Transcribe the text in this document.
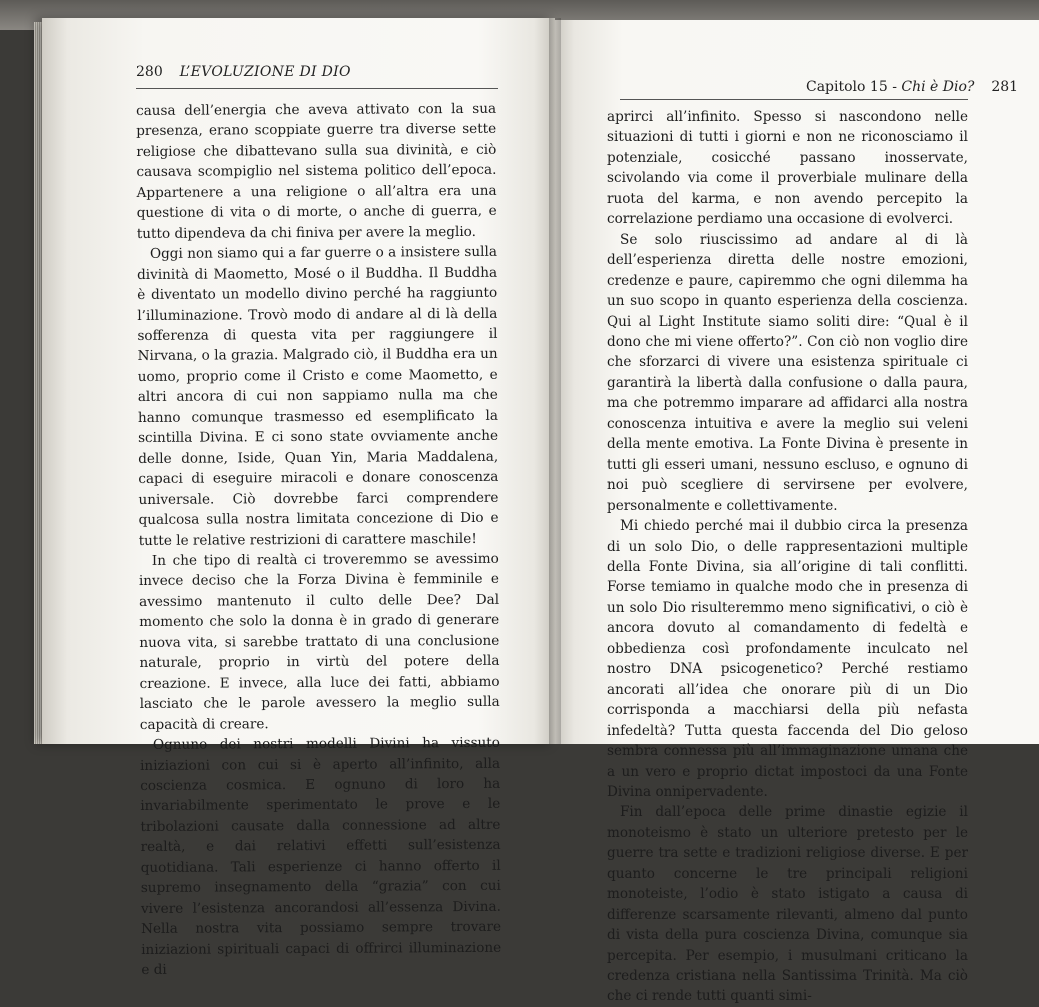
280 L’EVOLUZIONE DI DIO

causa dell’energia che aveva attivato con la sua presenza, erano scoppiate guerre tra diverse sette religiose che dibattevano sulla sua divinità, e ciò causava scompiglio nel sistema politico dell’epoca. Appartenere a una religione o all’altra era una questione di vita o di morte, o anche di guerra, e tutto dipendeva da chi finiva per avere la meglio.

Oggi non siamo qui a far guerre o a insistere sulla divinità di Maometto, Mosé o il Buddha. Il Buddha è diventato un modello divino perché ha raggiunto l’illuminazione. Trovò modo di andare al di là della sofferenza di questa vita per raggiungere il Nirvana, o la grazia. Malgrado ciò, il Buddha era un uomo, proprio come il Cristo e come Maometto, e altri ancora di cui non sappiamo nulla ma che hanno comunque trasmesso ed esemplificato la scintilla Divina. E ci sono state ovviamente anche delle donne, Iside, Quan Yin, Maria Maddalena, capaci di eseguire miracoli e donare conoscenza universale. Ciò dovrebbe farci comprendere qualcosa sulla nostra limitata concezione di Dio e tutte le relative restrizioni di carattere maschile!

In che tipo di realtà ci troveremmo se avessimo invece deciso che la Forza Divina è femminile e avessimo mantenuto il culto delle Dee? Dal momento che solo la donna è in grado di generare nuova vita, si sarebbe trattato di una conclusione naturale, proprio in virtù del potere della creazione. E invece, alla luce dei fatti, abbiamo lasciato che le parole avessero la meglio sulla capacità di creare.

Ognuno dei nostri modelli Divini ha vissuto iniziazioni con cui si è aperto all’infinito, alla coscienza cosmica. E ognuno di loro ha invariabilmente sperimentato le prove e le tribolazioni causate dalla connessione ad altre realtà, e dai relativi effetti sull’esistenza quotidiana. Tali esperienze ci hanno offerto il supremo insegnamento della “grazia” con cui vivere l’esistenza ancorandosi all’essenza Divina. Nella nostra vita possiamo sempre trovare iniziazioni spirituali capaci di offrirci illuminazione e di

Capitolo 15 - Chi è Dio? 281

aprirci all’infinito. Spesso si nascondono nelle situazioni di tutti i giorni e non ne riconosciamo il potenziale, cosicché passano inosservate, scivolando via come il proverbiale mulinare della ruota del karma, e non avendo percepito la correlazione perdiamo una occasione di evolverci.

Se solo riuscissimo ad andare al di là dell’esperienza diretta delle nostre emozioni, credenze e paure, capiremmo che ogni dilemma ha un suo scopo in quanto esperienza della coscienza. Qui al Light Institute siamo soliti dire: “Qual è il dono che mi viene offerto?”. Con ciò non voglio dire che sforzarci di vivere una esistenza spirituale ci garantirà la libertà dalla confusione o dalla paura, ma che potremmo imparare ad affidarci alla nostra conoscenza intuitiva e avere la meglio sui veleni della mente emotiva. La Fonte Divina è presente in tutti gli esseri umani, nessuno escluso, e ognuno di noi può scegliere di servirsene per evolvere, personalmente e collettivamente.

Mi chiedo perché mai il dubbio circa la presenza di un solo Dio, o delle rappresentazioni multiple della Fonte Divina, sia all’origine di tali conflitti. Forse temiamo in qualche modo che in presenza di un solo Dio risulteremmo meno significativi, o ciò è ancora dovuto al comandamento di fedeltà e obbedienza così profondamente inculcato nel nostro DNA psicogenetico? Perché restiamo ancorati all’idea che onorare più di un Dio corrisponda a macchiarsi della più nefasta infedeltà? Tutta questa faccenda del Dio geloso sembra connessa più all’immaginazione umana che a un vero e proprio dictat impostoci da una Fonte Divina onnipervadente.

Fin dall’epoca delle prime dinastie egizie il monoteismo è stato un ulteriore pretesto per le guerre tra sette e tradizioni religiose diverse. E per quanto concerne le tre principali religioni monoteiste, l’odio è stato istigato a causa di differenze scarsamente rilevanti, almeno dal punto di vista della pura coscienza Divina, comunque sia percepita. Per esempio, i musulmani criticano la credenza cristiana nella Santissima Trinità. Ma ciò che ci rende tutti quanti simi-
